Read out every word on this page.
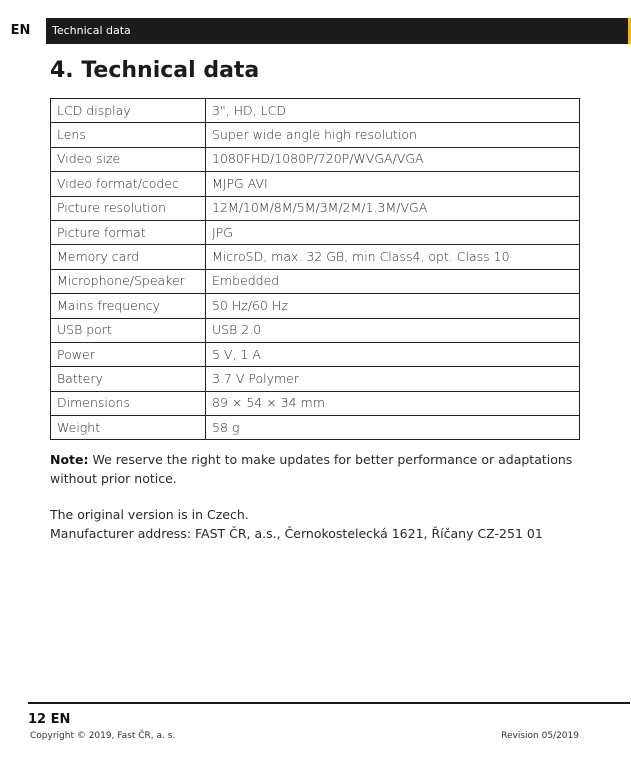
EN	Technical data
4. Technical data
LCD display	3", HD, LCD
Lens	Super wide angle high resolution
Video size	1080FHD/1080P/720P/WVGA/VGA
Video format/codec	MJPG AVI
Picture resolution	12M/10M/8M/5M/3M/2M/1.3M/VGA
Picture format	JPG
Memory card	MicroSD, max. 32 GB, min Class4, opt. Class 10
Microphone/Speaker	Embedded
Mains frequency	50 Hz/60 Hz
USB port	USB 2.0
Power	5 V, 1 A
Battery	3.7 V Polymer
Dimensions	89 × 54 × 34 mm
Weight	58 g

Note: We reserve the right to make updates for better performance or adaptations without prior notice.

The original version is in Czech.

Manufacturer address: FAST ČR, a.s., Černokostelecká 1621, Říčany CZ-251 01

12 EN
Copyright © 2019, Fast ČR, a. s.	Revision 05/2019
